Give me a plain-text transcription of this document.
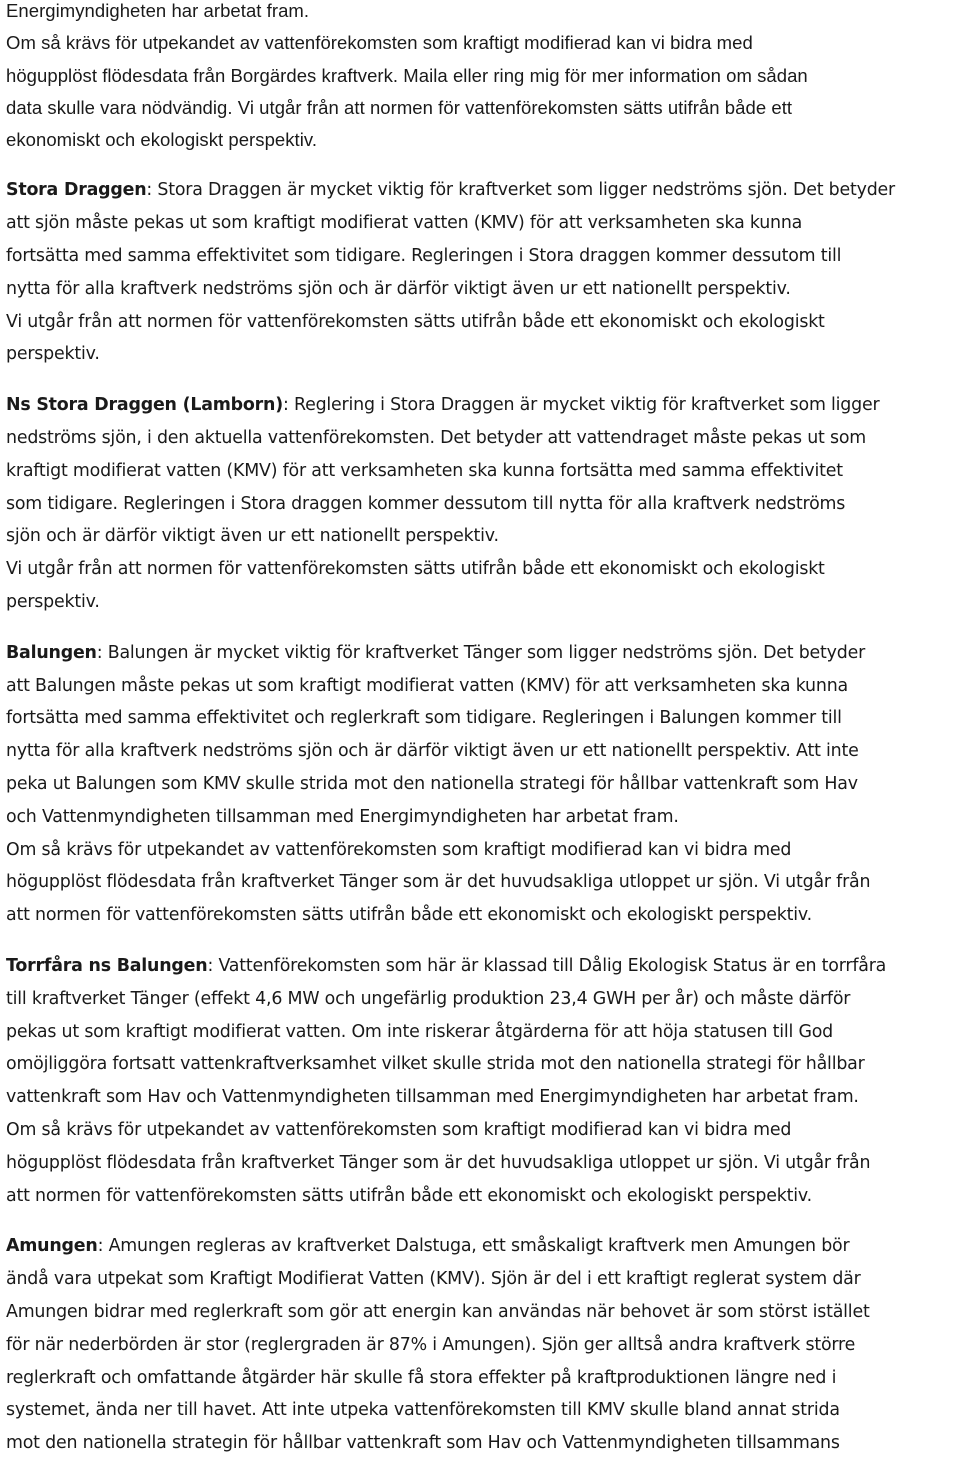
Energimyndigheten har arbetat fram.
Om så krävs för utpekandet av vattenförekomsten som kraftigt modifierad kan vi bidra med
högupplöst flödesdata från Borgärdes kraftverk. Maila eller ring mig för mer information om sådan
data skulle vara nödvändig. Vi utgår från att normen för vattenförekomsten sätts utifrån både ett
ekonomiskt och ekologiskt perspektiv.
Stora Draggen: Stora Draggen är mycket viktig för kraftverket som ligger nedströms sjön. Det betyder
att sjön måste pekas ut som kraftigt modifierat vatten (KMV) för att verksamheten ska kunna
fortsätta med samma effektivitet som tidigare. Regleringen i Stora draggen kommer dessutom till
nytta för alla kraftverk nedströms sjön och är därför viktigt även ur ett nationellt perspektiv.
Vi utgår från att normen för vattenförekomsten sätts utifrån både ett ekonomiskt och ekologiskt
perspektiv.
Ns Stora Draggen (Lamborn): Reglering i Stora Draggen är mycket viktig för kraftverket som ligger
nedströms sjön, i den aktuella vattenförekomsten. Det betyder att vattendraget måste pekas ut som
kraftigt modifierat vatten (KMV) för att verksamheten ska kunna fortsätta med samma effektivitet
som tidigare. Regleringen i Stora draggen kommer dessutom till nytta för alla kraftverk nedströms
sjön och är därför viktigt även ur ett nationellt perspektiv.
Vi utgår från att normen för vattenförekomsten sätts utifrån både ett ekonomiskt och ekologiskt
perspektiv.
Balungen: Balungen är mycket viktig för kraftverket Tänger som ligger nedströms sjön. Det betyder
att Balungen måste pekas ut som kraftigt modifierat vatten (KMV) för att verksamheten ska kunna
fortsätta med samma effektivitet och reglerkraft som tidigare. Regleringen i Balungen kommer till
nytta för alla kraftverk nedströms sjön och är därför viktigt även ur ett nationellt perspektiv. Att inte
peka ut Balungen som KMV skulle strida mot den nationella strategi för hållbar vattenkraft som Hav
och Vattenmyndigheten tillsamman med Energimyndigheten har arbetat fram.
Om så krävs för utpekandet av vattenförekomsten som kraftigt modifierad kan vi bidra med
högupplöst flödesdata från kraftverket Tänger som är det huvudsakliga utloppet ur sjön. Vi utgår från
att normen för vattenförekomsten sätts utifrån både ett ekonomiskt och ekologiskt perspektiv.
Torrfåra ns Balungen: Vattenförekomsten som här är klassad till Dålig Ekologisk Status är en torrfåra
till kraftverket Tänger (effekt 4,6 MW och ungefärlig produktion 23,4 GWH per år) och måste därför
pekas ut som kraftigt modifierat vatten. Om inte riskerar åtgärderna för att höja statusen till God
omöjliggöra fortsatt vattenkraftverksamhet vilket skulle strida mot den nationella strategi för hållbar
vattenkraft som Hav och Vattenmyndigheten tillsamman med Energimyndigheten har arbetat fram.
Om så krävs för utpekandet av vattenförekomsten som kraftigt modifierad kan vi bidra med
högupplöst flödesdata från kraftverket Tänger som är det huvudsakliga utloppet ur sjön. Vi utgår från
att normen för vattenförekomsten sätts utifrån både ett ekonomiskt och ekologiskt perspektiv.
Amungen: Amungen regleras av kraftverket Dalstuga, ett småskaligt kraftverk men Amungen bör
ändå vara utpekat som Kraftigt Modifierat Vatten (KMV). Sjön är del i ett kraftigt reglerat system där
Amungen bidrar med reglerkraft som gör att energin kan användas när behovet är som störst istället
för när nederbörden är stor (reglergraden är 87% i Amungen). Sjön ger alltså andra kraftverk större
reglerkraft och omfattande åtgärder här skulle få stora effekter på kraftproduktionen längre ned i
systemet, ända ner till havet. Att inte utpeka vattenförekomsten till KMV skulle bland annat strida
mot den nationella strategin för hållbar vattenkraft som Hav och Vattenmyndigheten tillsammans
